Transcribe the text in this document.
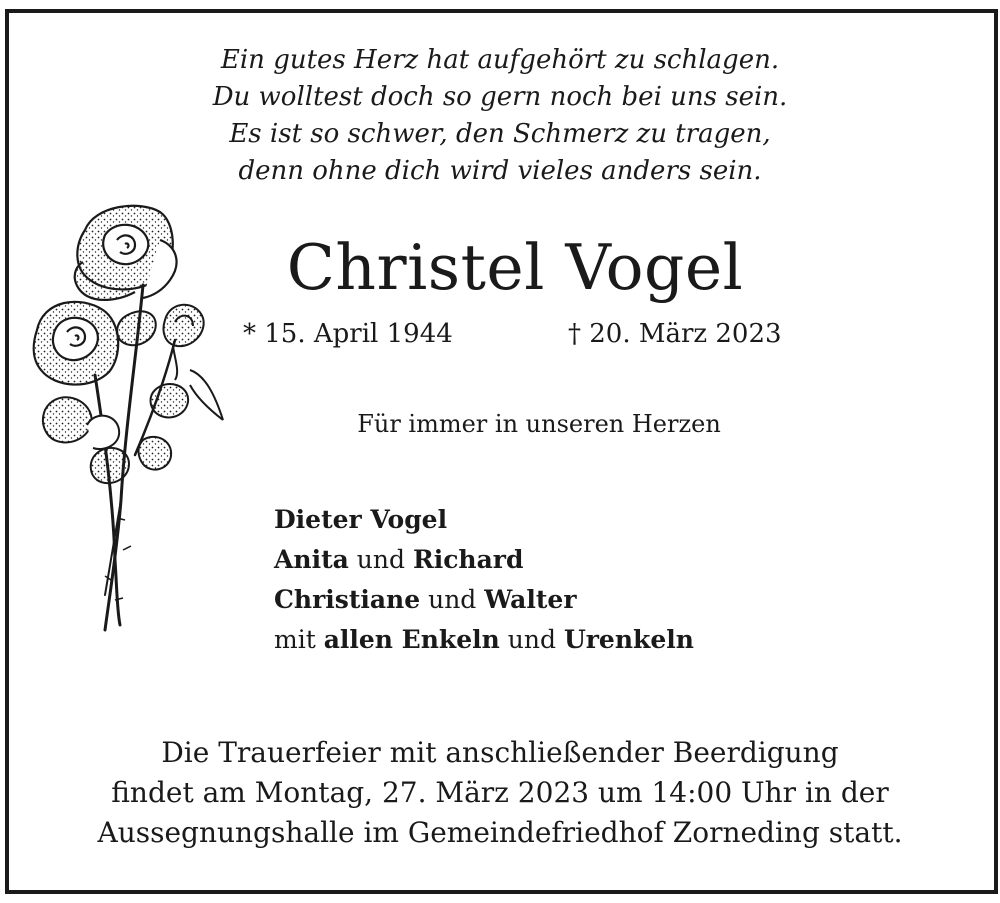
Ein gutes Herz hat aufgehört zu schlagen.
Du wolltest doch so gern noch bei uns sein.
Es ist so schwer, den Schmerz zu tragen,
denn ohne dich wird vieles anders sein.
Christel Vogel
* 15. April 1944	† 20. März 2023
Für immer in unseren Herzen
Dieter Vogel
Anita und Richard
Christiane und Walter
mit allen Enkeln und Urenkeln
Die Trauerfeier mit anschließender Beerdigung
findet am Montag, 27. März 2023 um 14:00 Uhr in der
Aussegnungshalle im Gemeindefriedhof Zorneding statt.
